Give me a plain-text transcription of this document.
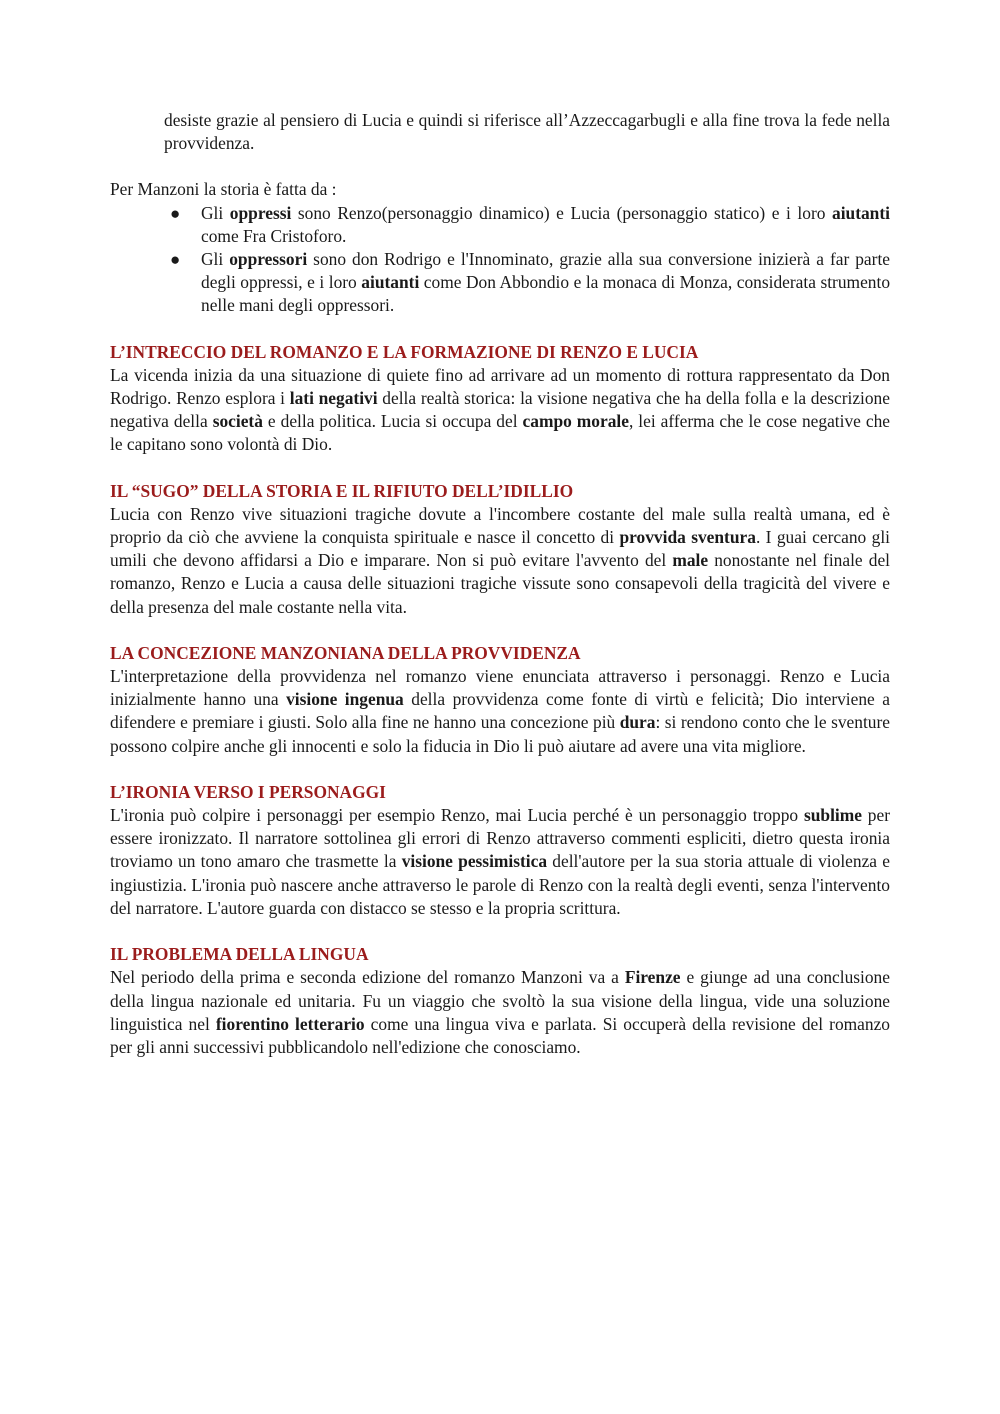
desiste grazie al pensiero di Lucia e quindi si riferisce all’Azzeccagarbugli e alla fine trova la fede nella provvidenza.

Per Manzoni la storia è fatta da :

● Gli oppressi sono Renzo(personaggio dinamico) e Lucia (personaggio statico) e i loro aiutanti come Fra Cristoforo.
● Gli oppressori sono don Rodrigo e l'Innominato, grazie alla sua conversione inizierà a far parte degli oppressi, e i loro aiutanti come Don Abbondio e la monaca di Monza, considerata strumento nelle mani degli oppressori.
L’INTRECCIO DEL ROMANZO E LA FORMAZIONE DI RENZO E LUCIA

La vicenda inizia da una situazione di quiete fino ad arrivare ad un momento di rottura rappresentato da Don Rodrigo. Renzo esplora i lati negativi della realtà storica: la visione negativa che ha della folla e la descrizione negativa della società e della politica. Lucia si occupa del campo morale, lei afferma che le cose negative che le capitano sono volontà di Dio.

IL “SUGO” DELLA STORIA E IL RIFIUTO DELL’IDILLIO

Lucia con Renzo vive situazioni tragiche dovute a l'incombere costante del male sulla realtà umana, ed è proprio da ciò che avviene la conquista spirituale e nasce il concetto di provvida sventura. I guai cercano gli umili che devono affidarsi a Dio e imparare. Non si può evitare l'avvento del male nonostante nel finale del romanzo, Renzo e Lucia a causa delle situazioni tragiche vissute sono consapevoli della tragicità del vivere e della presenza del male costante nella vita.

LA CONCEZIONE MANZONIANA DELLA PROVVIDENZA

L'interpretazione della provvidenza nel romanzo viene enunciata attraverso i personaggi. Renzo e Lucia inizialmente hanno una visione ingenua della provvidenza come fonte di virtù e felicità; Dio interviene a difendere e premiare i giusti. Solo alla fine ne hanno una concezione più dura: si rendono conto che le sventure possono colpire anche gli innocenti e solo la fiducia in Dio li può aiutare ad avere una vita migliore.

L’IRONIA VERSO I PERSONAGGI

L'ironia può colpire i personaggi per esempio Renzo, mai Lucia perché è un personaggio troppo sublime per essere ironizzato. Il narratore sottolinea gli errori di Renzo attraverso commenti espliciti, dietro questa ironia troviamo un tono amaro che trasmette la visione pessimistica dell'autore per la sua storia attuale di violenza e ingiustizia. L'ironia può nascere anche attraverso le parole di Renzo con la realtà degli eventi, senza l'intervento del narratore. L'autore guarda con distacco se stesso e la propria scrittura.

IL PROBLEMA DELLA LINGUA

Nel periodo della prima e seconda edizione del romanzo Manzoni va a Firenze e giunge ad una conclusione della lingua nazionale ed unitaria. Fu un viaggio che svoltò la sua visione della lingua, vide una soluzione linguistica nel fiorentino letterario come una lingua viva e parlata. Si occuperà della revisione del romanzo per gli anni successivi pubblicandolo nell'edizione che conosciamo.
